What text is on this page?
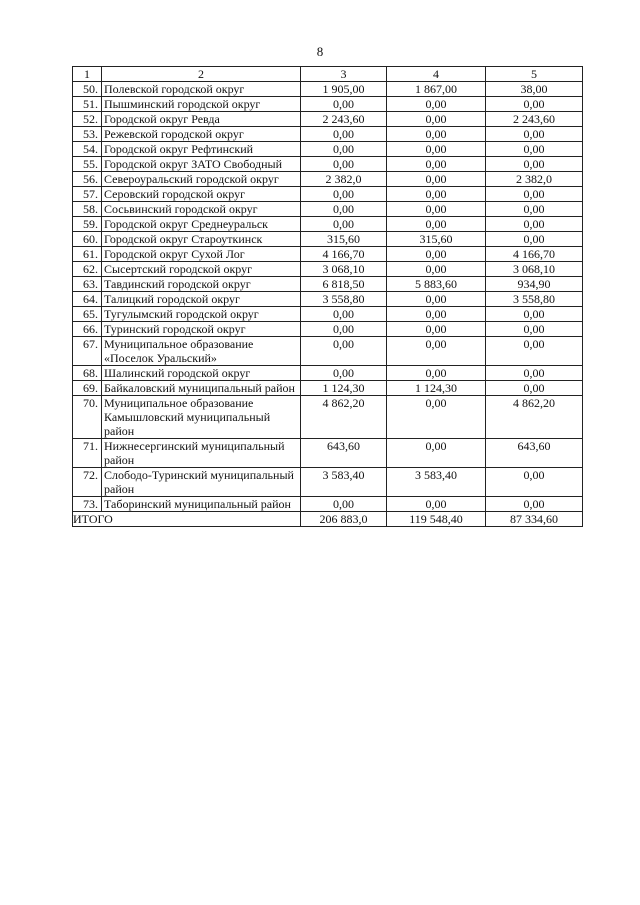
8
1	2	3	4	5
50.	Полевской городской округ	1 905,00	1 867,00	38,00
51.	Пышминский городской округ	0,00	0,00	0,00
52.	Городской округ Ревда	2 243,60	0,00	2 243,60
53.	Режевской городской округ	0,00	0,00	0,00
54.	Городской округ Рефтинский	0,00	0,00	0,00
55.	Городской округ ЗАТО Свободный	0,00	0,00	0,00
56.	Североуральский городской округ	2 382,0	0,00	2 382,0
57.	Серовский городской округ	0,00	0,00	0,00
58.	Сосьвинский городской округ	0,00	0,00	0,00
59.	Городской округ Среднеуральск	0,00	0,00	0,00
60.	Городской округ Староуткинск	315,60	315,60	0,00
61.	Городской округ Сухой Лог	4 166,70	0,00	4 166,70
62.	Сысертский городской округ	3 068,10	0,00	3 068,10
63.	Тавдинский городской округ	6 818,50	5 883,60	934,90
64.	Талицкий городской округ	3 558,80	0,00	3 558,80
65.	Тугулымский городской округ	0,00	0,00	0,00
66.	Туринский городской округ	0,00	0,00	0,00
67.	Муниципальное образование «Поселок Уральский»	0,00	0,00	0,00
68.	Шалинский городской округ	0,00	0,00	0,00
69.	Байкаловский муниципальный район	1 124,30	1 124,30	0,00
70.	Муниципальное образование Камышловский муниципальный район	4 862,20	0,00	4 862,20
71.	Нижнесергинский муниципальный район	643,60	0,00	643,60
72.	Слободо-Туринский муниципальный район	3 583,40	3 583,40	0,00
73.	Таборинский муниципальный район	0,00	0,00	0,00
ИТОГО		206 883,0	119 548,40	87 334,60
